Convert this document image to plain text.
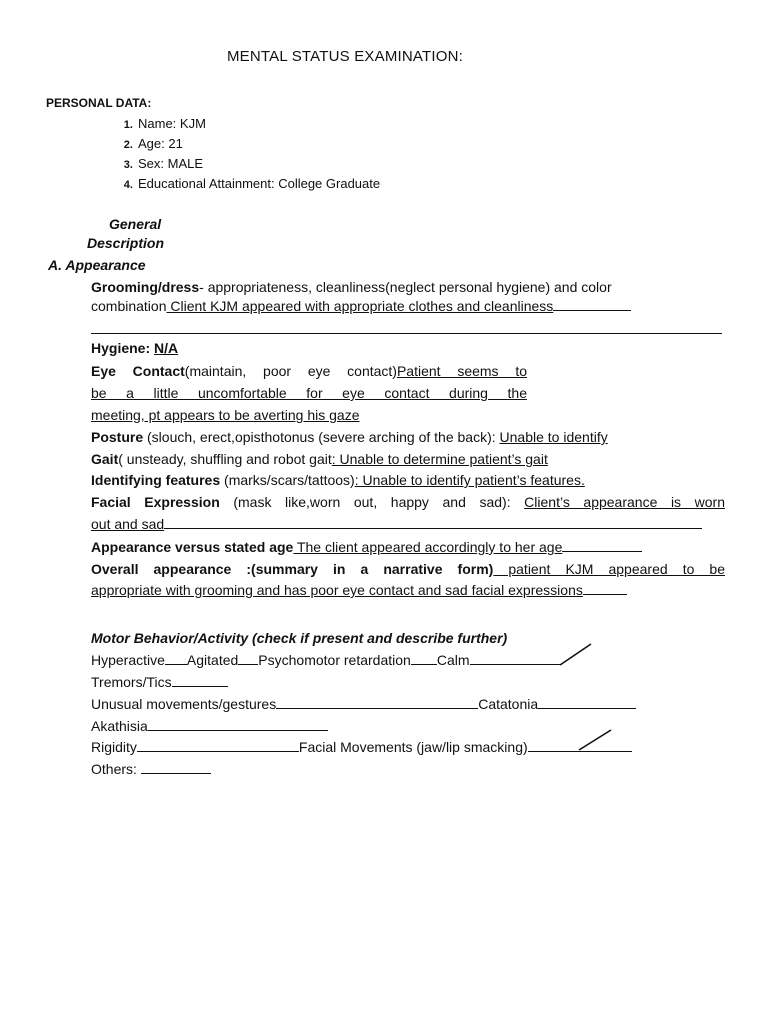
MENTAL STATUS EXAMINATION:
PERSONAL DATA:
1. Name: KJM
2. Age: 21
3. Sex: MALE
4. Educational Attainment: College Graduate
General
Description
A. Appearance
Grooming/dress- appropriateness, cleanliness(neglect personal hygiene) and color
combination Client KJM appeared with appropriate clothes and cleanliness
Hygiene: N/A
Eye Contact(maintain, poor eye contact)Patient seems to
be a little uncomfortable for eye contact during the
meeting, pt appears to be averting his gaze
Posture (slouch, erect,opisthotonus (severe arching of the back): Unable to identify
Gait( unsteady, shuffling and robot gait: Unable to determine patient’s gait
Identifying features (marks/scars/tattoos): Unable to identify patient’s features.
Facial Expression (mask like,worn out, happy and sad): Client’s appearance is worn
out and sad
Appearance versus stated age The client appeared accordingly to her age
Overall appearance :(summary in a narrative form) patient KJM appeared to be
appropriate with grooming and has poor eye contact and sad facial expressions
Motor Behavior/Activity (check if present and describe further)
Hyperactive Agitated Psychomotor retardation Calm
Tremors/Tics
Unusual movements/gestures	Catatonia
Akathisia
Rigidity	Facial Movements (jaw/lip smacking)
Others:
